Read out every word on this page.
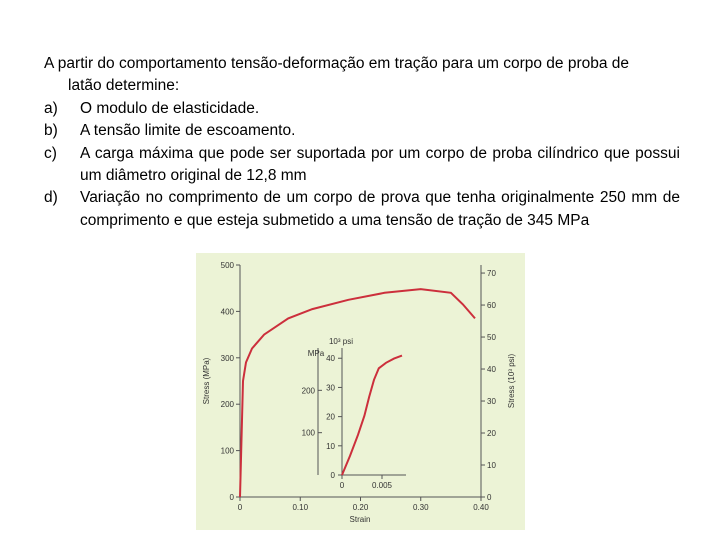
A partir do comportamento tensão-deformação em tração para um corpo de proba de
latão determine:

a)	O modulo de elasticidade.
b)	A tensão limite de escoamento.
c)	A carga máxima que pode ser suportada por um corpo de proba cilíndrico que possui um diâmetro original de 12,8 mm
d)	Variação no comprimento de um corpo de prova que tenha originalmente 250 mm de comprimento e que esteja submetido a uma tensão de tração de 345 MPa
0	0.10	0.20	0.30	0.40
0
100
200
300
400
500
0
10
20
30
40
50
60
70
Strain
Stress (MPa)	Stress (10³ psi)
200
100
0
10
20
30
40
0	0.005
MPa
10³ psi
